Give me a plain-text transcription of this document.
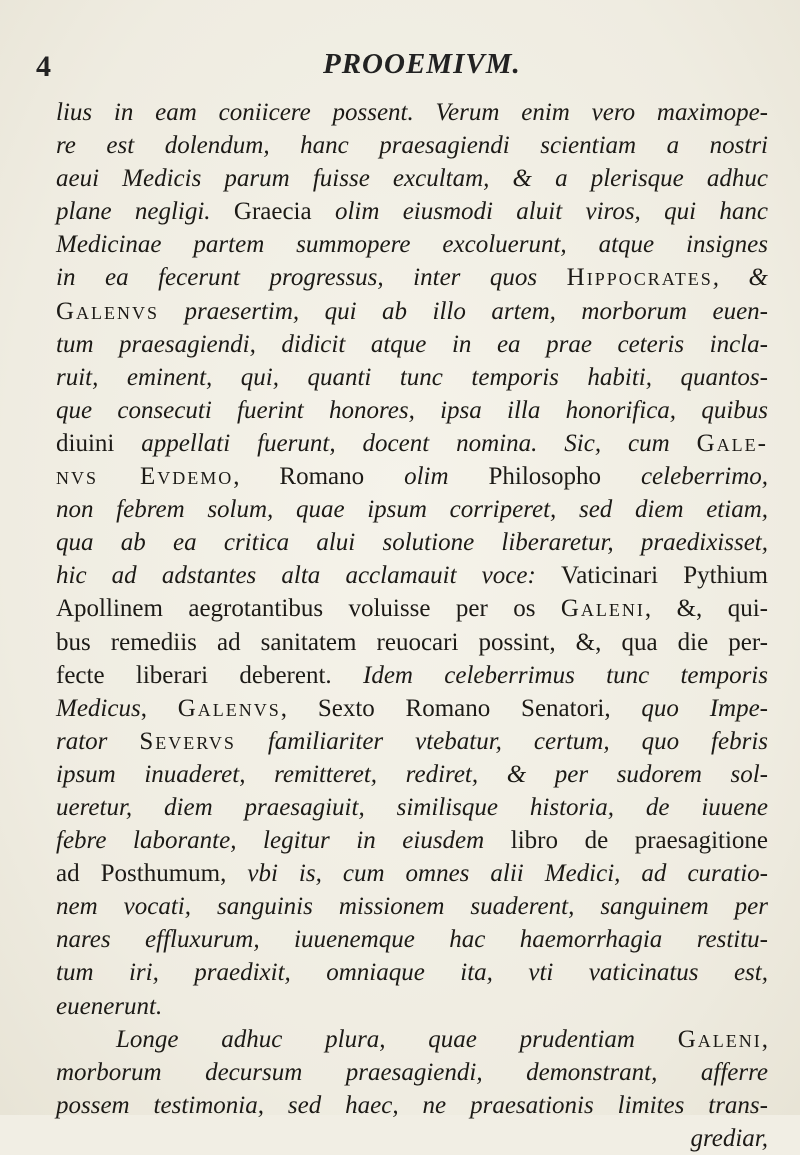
4	PROOEMIVM.
lius in eam coniicere possent. Verum enim vero maximope-
re est dolendum, hanc praesagiendi scientiam a nostri
aeui Medicis parum fuisse excultam, & a plerisque adhuc
plane negligi. Graecia olim eiusmodi aluit viros, qui hanc
Medicinae partem summopere excoluerunt, atque insignes
in ea fecerunt progressus, inter quos Hippocrates, &
Galenvs praesertim, qui ab illo artem, morborum euen-
tum praesagiendi, didicit atque in ea prae ceteris incla-
ruit, eminent, qui, quanti tunc temporis habiti, quantos-
que consecuti fuerint honores, ipsa illa honorifica, quibus
diuini appellati fuerunt, docent nomina. Sic, cum Gale-
nvs Evdemo, Romano olim Philosopho celeberrimo,
non febrem solum, quae ipsum corriperet, sed diem etiam,
qua ab ea critica alui solutione liberaretur, praedixisset,
hic ad adstantes alta acclamauit voce: Vaticinari Pythium
Apollinem aegrotantibus voluisse per os Galeni, &, qui-
bus remediis ad sanitatem reuocari possint, &, qua die per-
fecte liberari deberent. Idem celeberrimus tunc temporis
Medicus, Galenvs, Sexto Romano Senatori, quo Impe-
rator Severvs familiariter vtebatur, certum, quo febris
ipsum inuaderet, remitteret, rediret, & per sudorem sol-
ueretur, diem praesagiuit, similisque historia, de iuuene
febre laborante, legitur in eiusdem libro de praesagitione
ad Posthumum, vbi is, cum omnes alii Medici, ad curatio-
nem vocati, sanguinis missionem suaderent, sanguinem per
nares effluxurum, iuuenemque hac haemorrhagia restitu-
tum iri, praedixit, omniaque ita, vti vaticinatus est,
euenerunt.
Longe adhuc plura, quae prudentiam Galeni,
morborum decursum praesagiendi, demonstrant, afferre
possem testimonia, sed haec, ne praesationis limites trans-
grediar,
